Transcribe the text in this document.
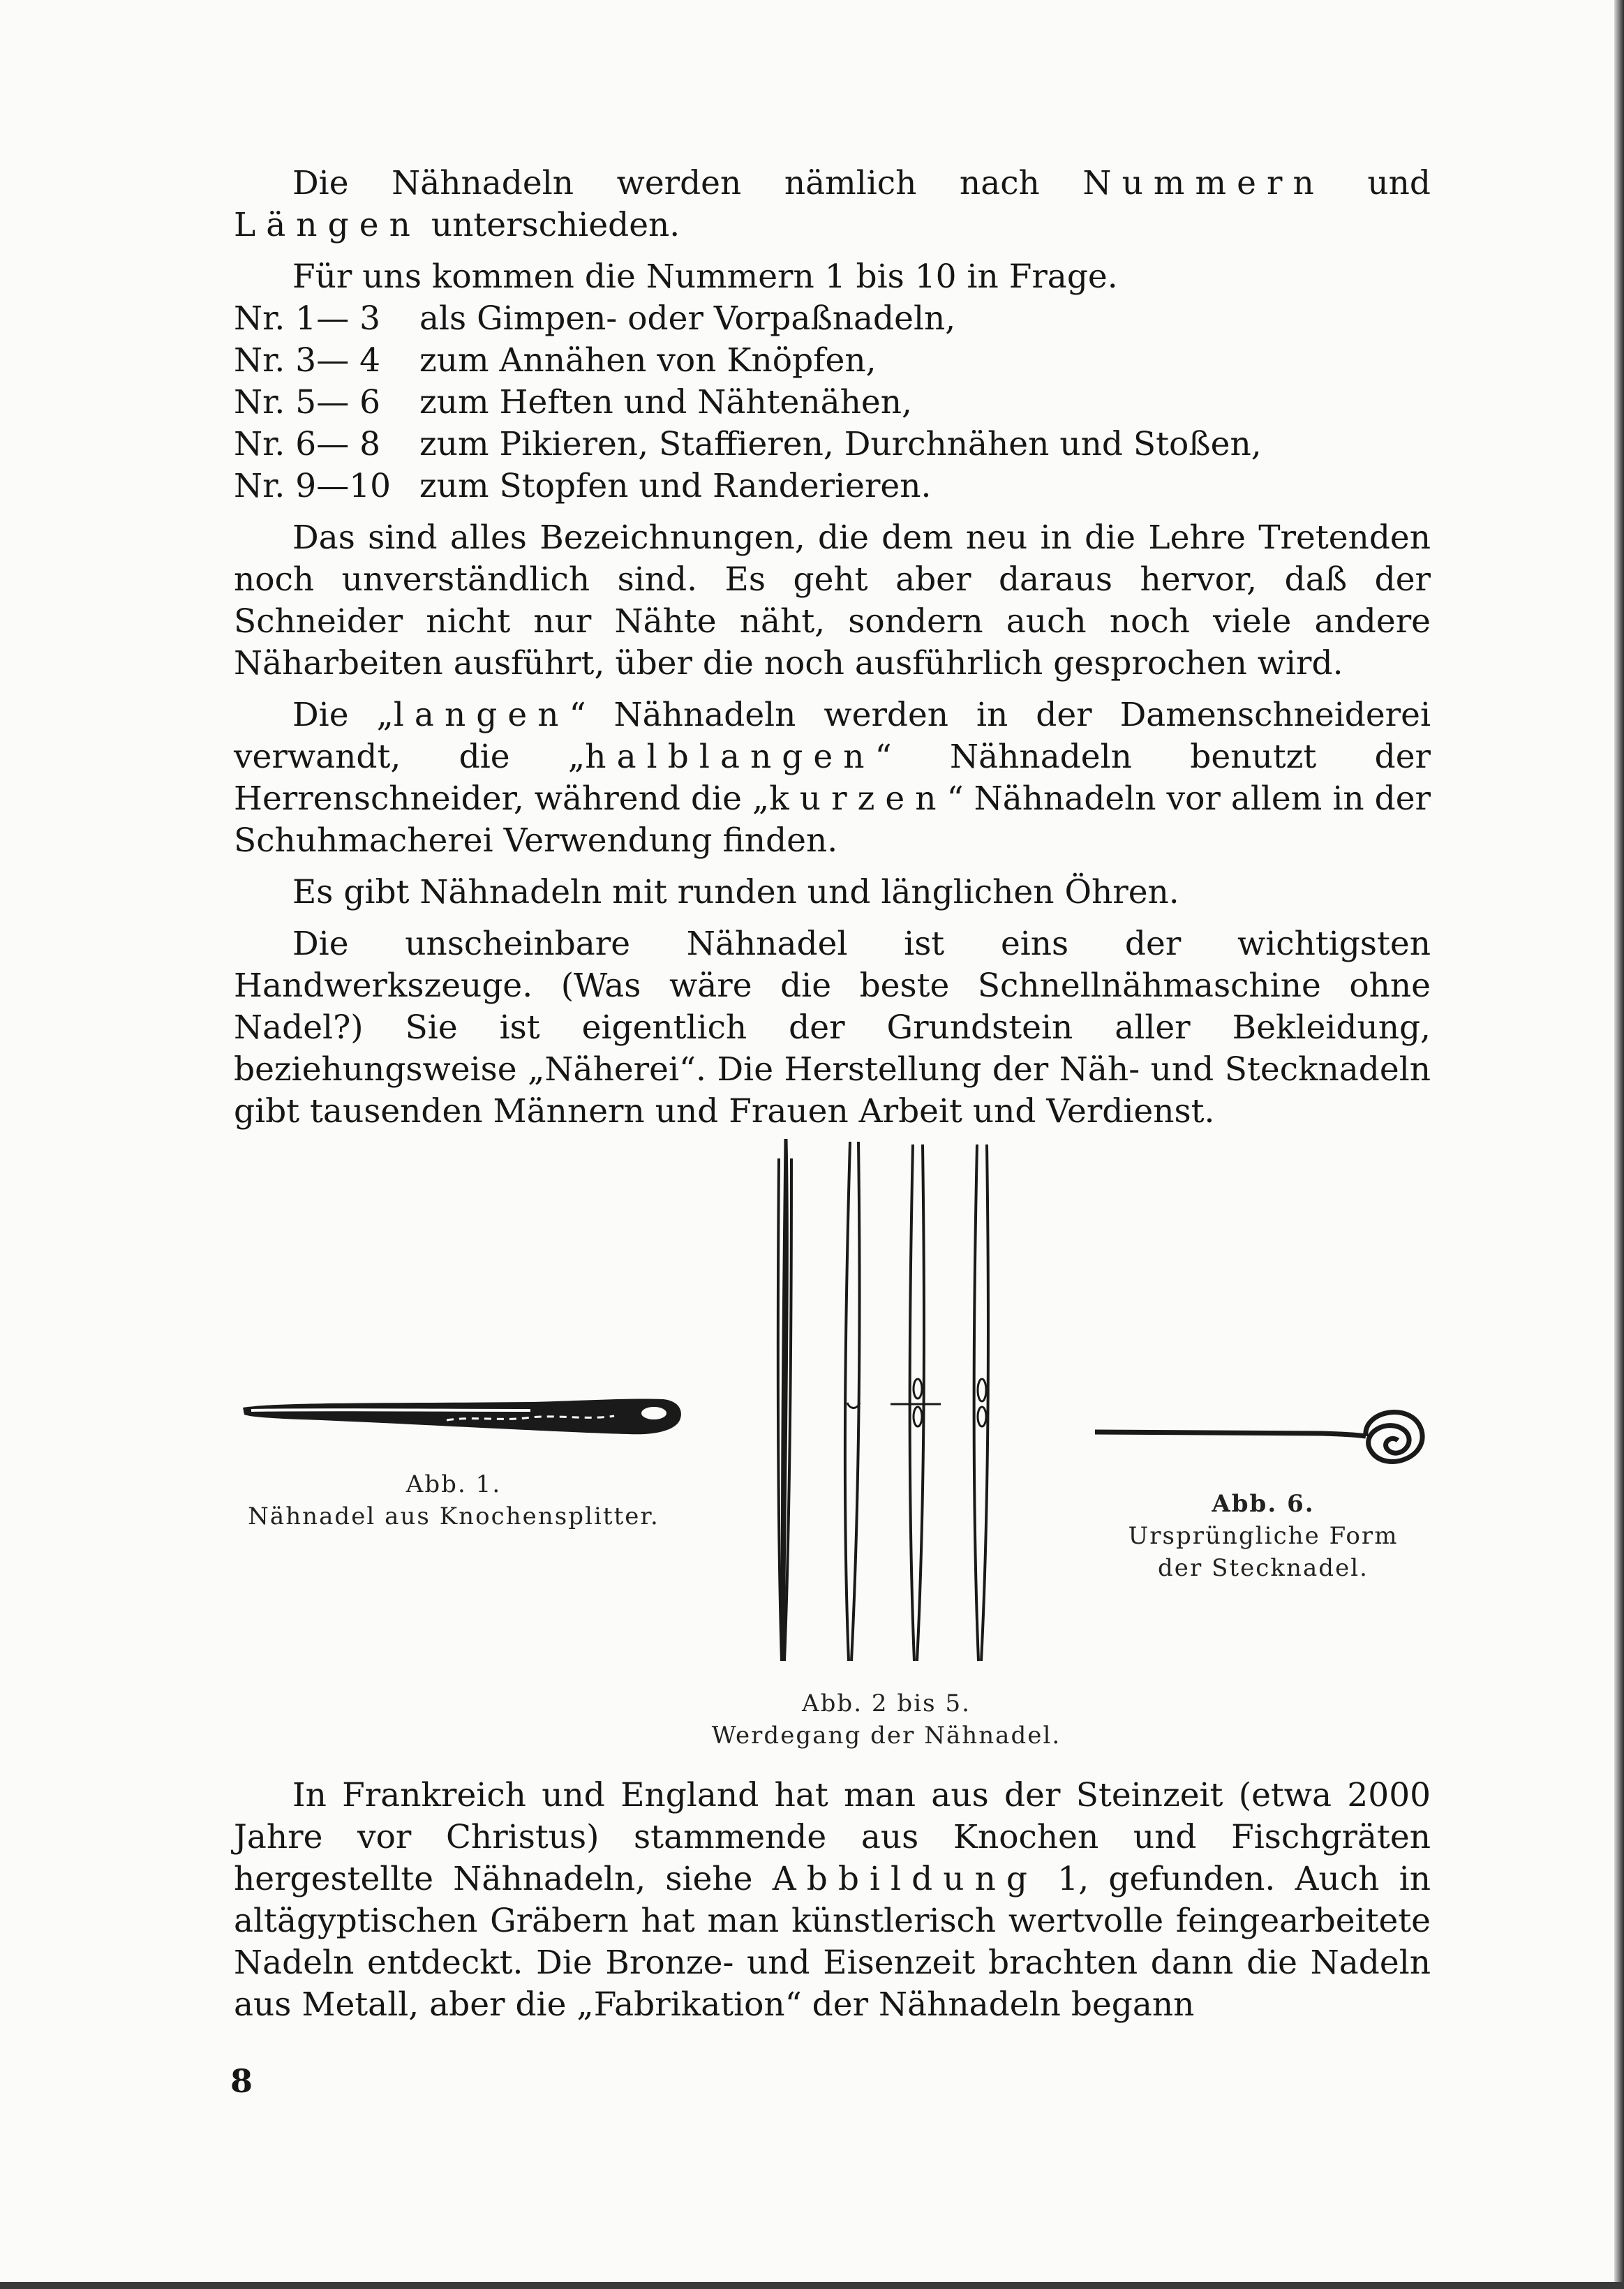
Die Nähnadeln werden nämlich nach Nummern und Längen unterschieden.

Für uns kommen die Nummern 1 bis 10 in Frage.
Nr. 1— 3 als Gimpen- oder Vorpaßnadeln,
Nr. 3— 4 zum Annähen von Knöpfen,
Nr. 5— 6 zum Heften und Nähtenähen,
Nr. 6— 8 zum Pikieren, Staffieren, Durchnähen und Stoßen,
Nr. 9—10 zum Stopfen und Randerieren.

Das sind alles Bezeichnungen, die dem neu in die Lehre Tretenden noch unverständlich sind. Es geht aber daraus hervor, daß der Schneider nicht nur Nähte näht, sondern auch noch viele andere Näharbeiten ausführt, über die noch ausführlich gesprochen wird.

Die „langen“ Nähnadeln werden in der Damenschneiderei verwandt, die „halblangen“ Nähnadeln benutzt der Herrenschneider, während die „kurzen“ Nähnadeln vor allem in der Schuhmacherei Verwendung finden.

Es gibt Nähnadeln mit runden und länglichen Öhren.

Die unscheinbare Nähnadel ist eins der wichtigsten Handwerkszeuge. (Was wäre die beste Schnellnähmaschine ohne Nadel?) Sie ist eigentlich der Grundstein aller Bekleidung, beziehungsweise „Näherei“. Die Herstellung der Näh- und Stecknadeln gibt tausenden Männern und Frauen Arbeit und Verdienst.

Abb. 1.
Nähnadel aus Knochensplitter.
Abb. 2 bis 5.
Werdegang der Nähnadel.
Abb. 6.
Ursprüngliche Form
der Stecknadel.

In Frankreich und England hat man aus der Steinzeit (etwa 2000 Jahre vor Christus) stammende aus Knochen und Fischgräten hergestellte Nähnadeln, siehe Abbildung 1, gefunden. Auch in altägyptischen Gräbern hat man künstlerisch wertvolle feingearbeitete Nadeln entdeckt. Die Bronze- und Eisenzeit brachten dann die Nadeln aus Metall, aber die „Fabrikation“ der Nähnadeln begann

8
